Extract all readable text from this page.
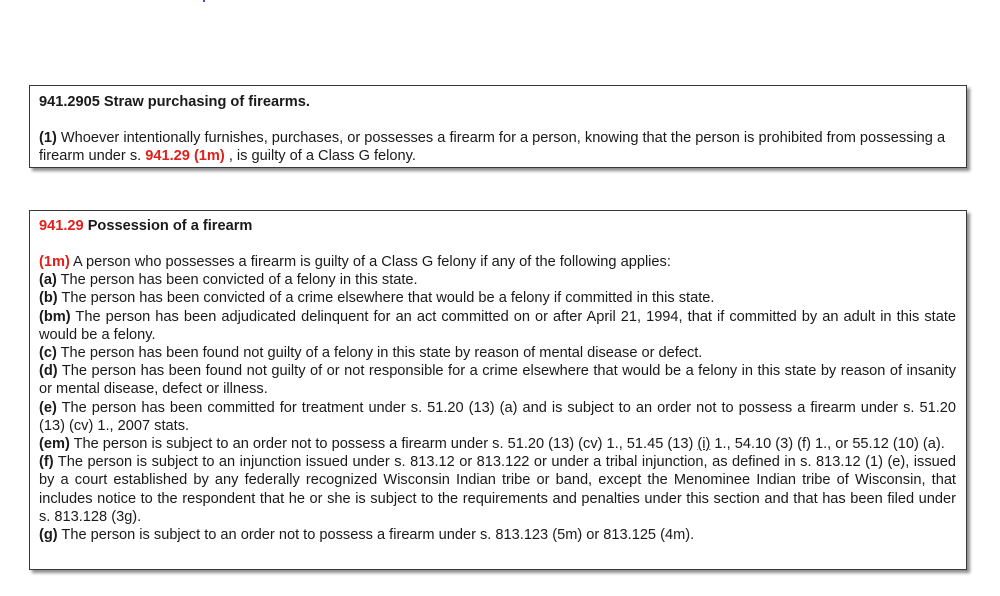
941.2905 Straw purchasing of firearms.

(1) Whoever intentionally furnishes, purchases, or possesses a firearm for a person, knowing that the person is prohibited from possessing a firearm under s. 941.29 (1m) , is guilty of a Class G felony.

941.29 Possession of a firearm

(1m) A person who possesses a firearm is guilty of a Class G felony if any of the following applies:

(a) The person has been convicted of a felony in this state.

(b) The person has been convicted of a crime elsewhere that would be a felony if committed in this state.

(bm) The person has been adjudicated delinquent for an act committed on or after April 21, 1994, that if committed by an adult in this state would be a felony.

(c) The person has been found not guilty of a felony in this state by reason of mental disease or defect.

(d) The person has been found not guilty of or not responsible for a crime elsewhere that would be a felony in this state by reason of insanity or mental disease, defect or illness.

(e) The person has been committed for treatment under s. 51.20 (13) (a) and is subject to an order not to possess a firearm under s. 51.20 (13) (cv) 1., 2007 stats.

(em) The person is subject to an order not to possess a firearm under s. 51.20 (13) (cv) 1., 51.45 (13) (i) 1., 54.10 (3) (f) 1., or 55.12 (10) (a).

(f) The person is subject to an injunction issued under s. 813.12 or 813.122 or under a tribal injunction, as defined in s. 813.12 (1) (e), issued by a court established by any federally recognized Wisconsin Indian tribe or band, except the Menominee Indian tribe of Wisconsin, that includes notice to the respondent that he or she is subject to the requirements and penalties under this section and that has been filed under s. 813.128 (3g).

(g) The person is subject to an order not to possess a firearm under s. 813.123 (5m) or 813.125 (4m).
